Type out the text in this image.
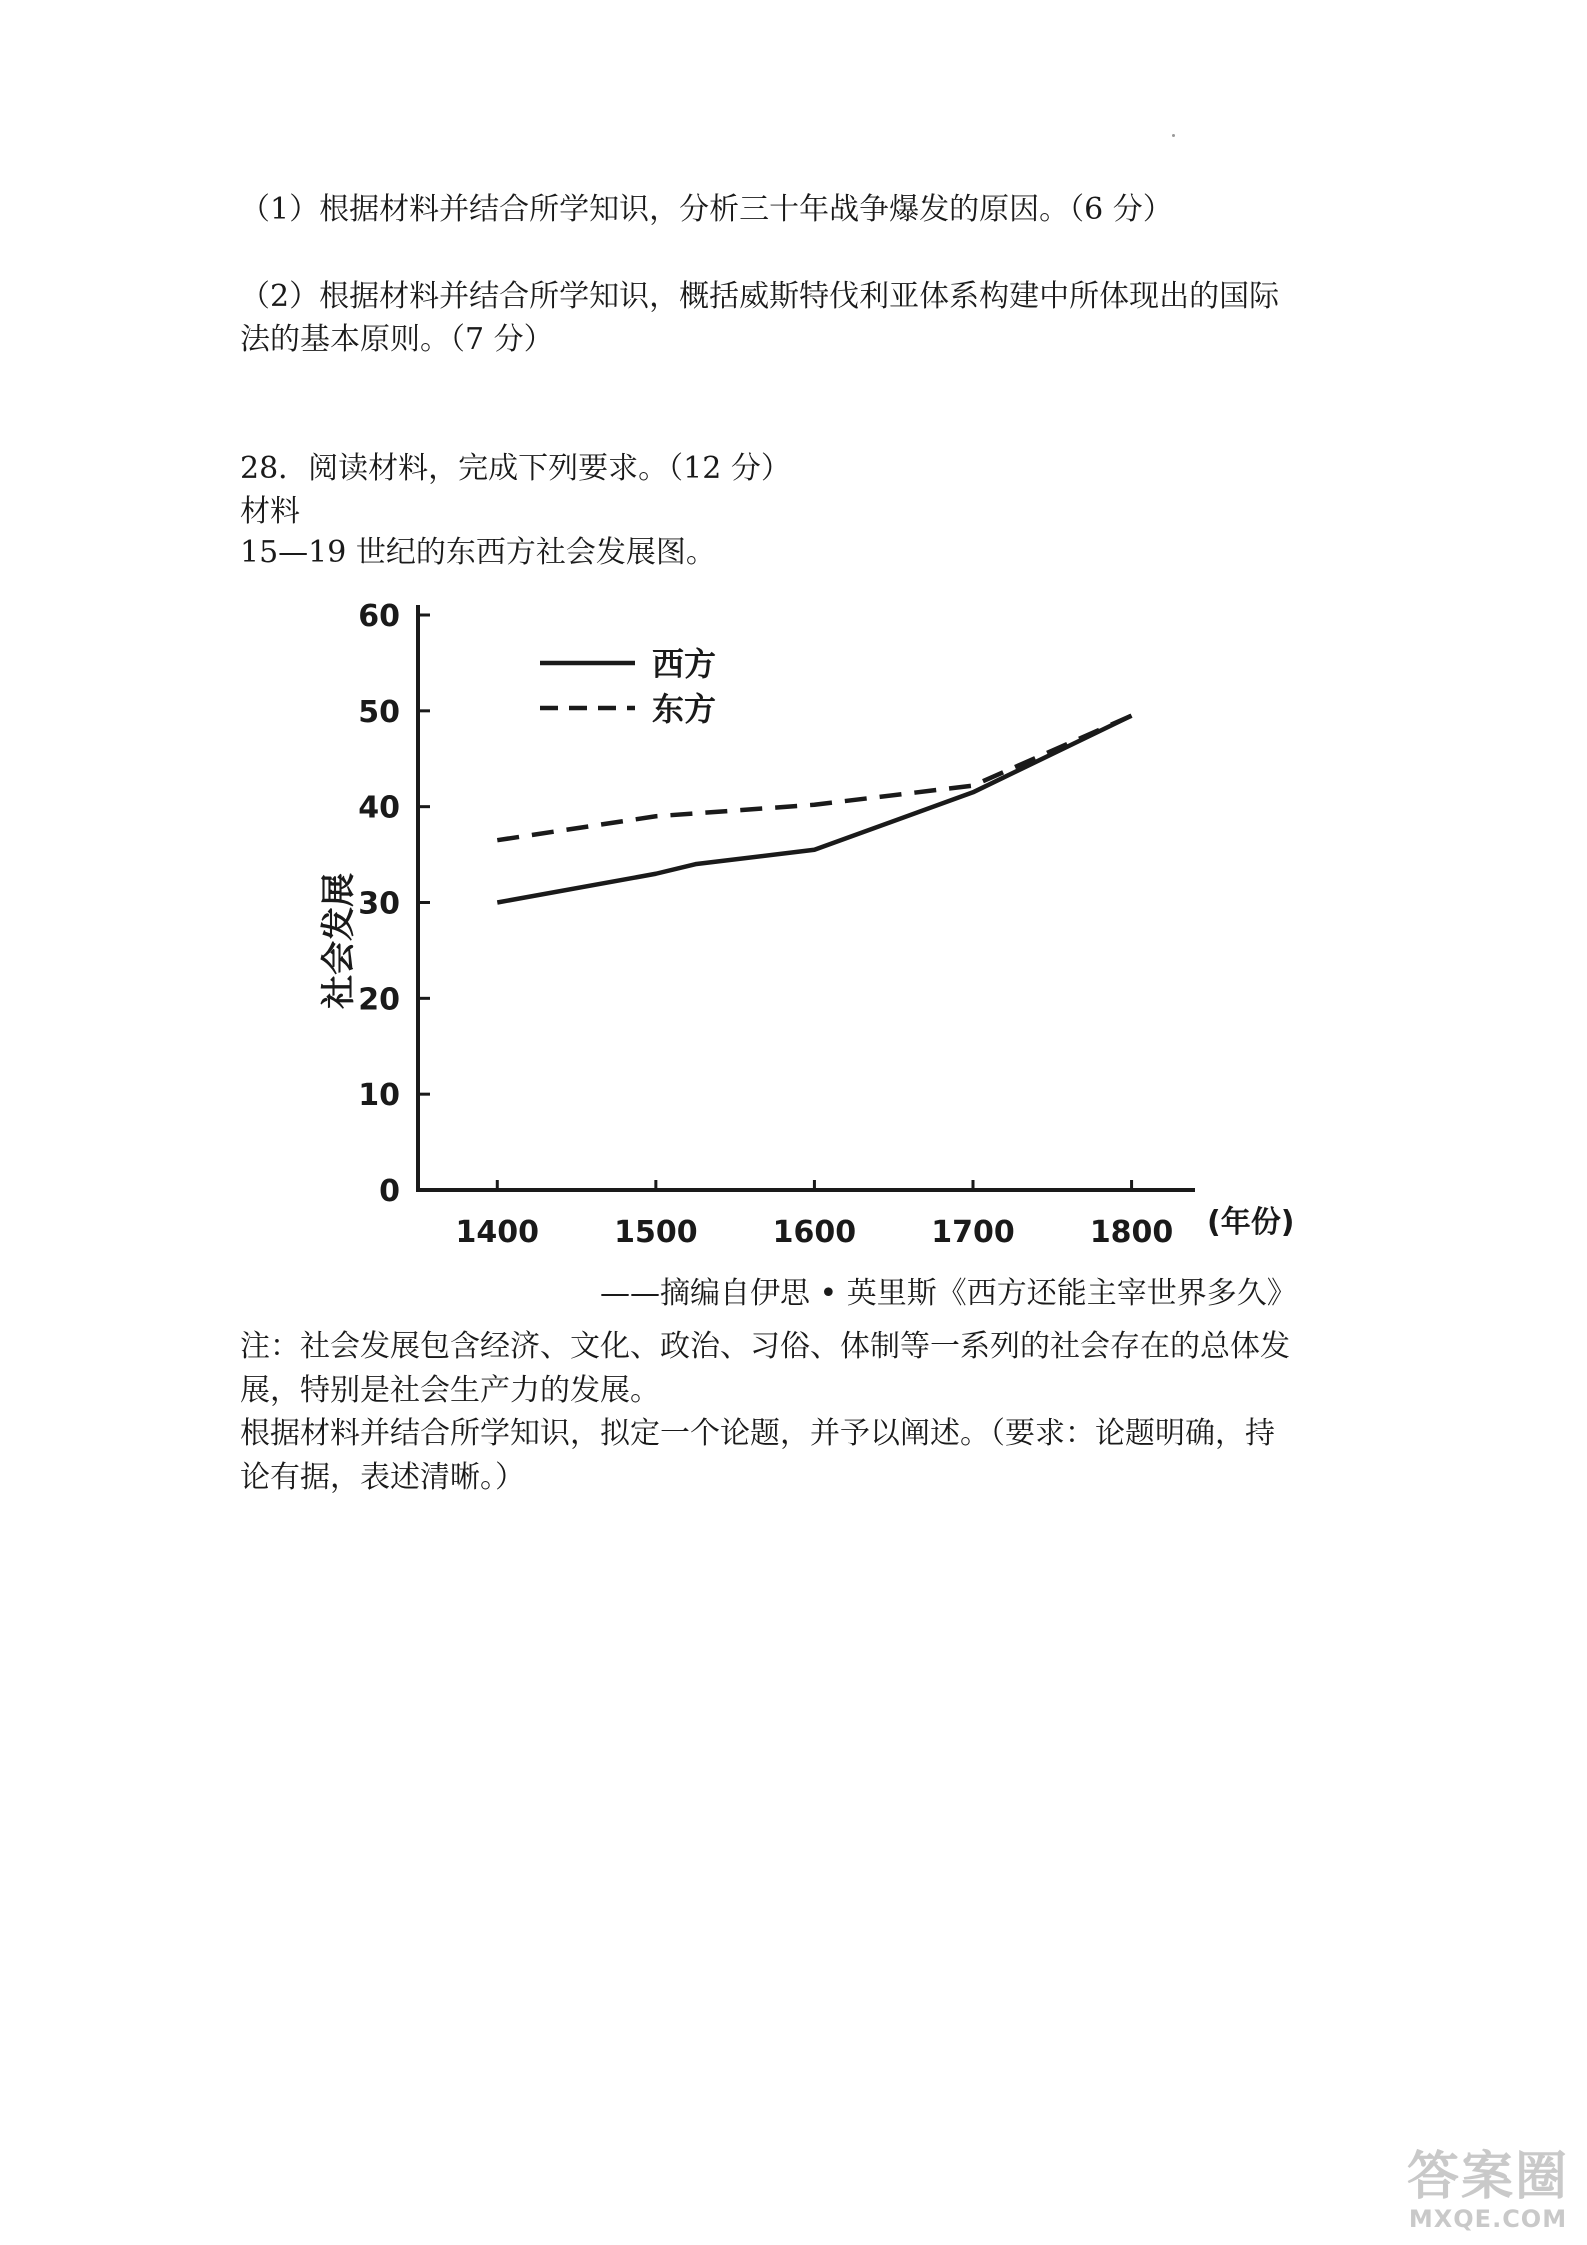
（1）根据材料并结合所学知识，分析三十年战争爆发的原因。（6 分）
（2）根据材料并结合所学知识，概括威斯特伐利亚体系构建中所体现出的国际
法的基本原则。（7 分）
28．阅读材料，完成下列要求。（12 分）
材料
15—19 世纪的东西方社会发展图。
0
10
20
30
40
50
60
1400	1500	1600	1700	1800 (年份)
社会发展
西方
东方
——摘编自伊思 • 英里斯《西方还能主宰世界多久》
注：社会发展包含经济、文化、政治、习俗、体制等一系列的社会存在的总体发
展，特别是社会生产力的发展。
根据材料并结合所学知识，拟定一个论题，并予以阐述。（要求：论题明确，持
论有据，表述清晰。）
答案圈
MXQE.COM
